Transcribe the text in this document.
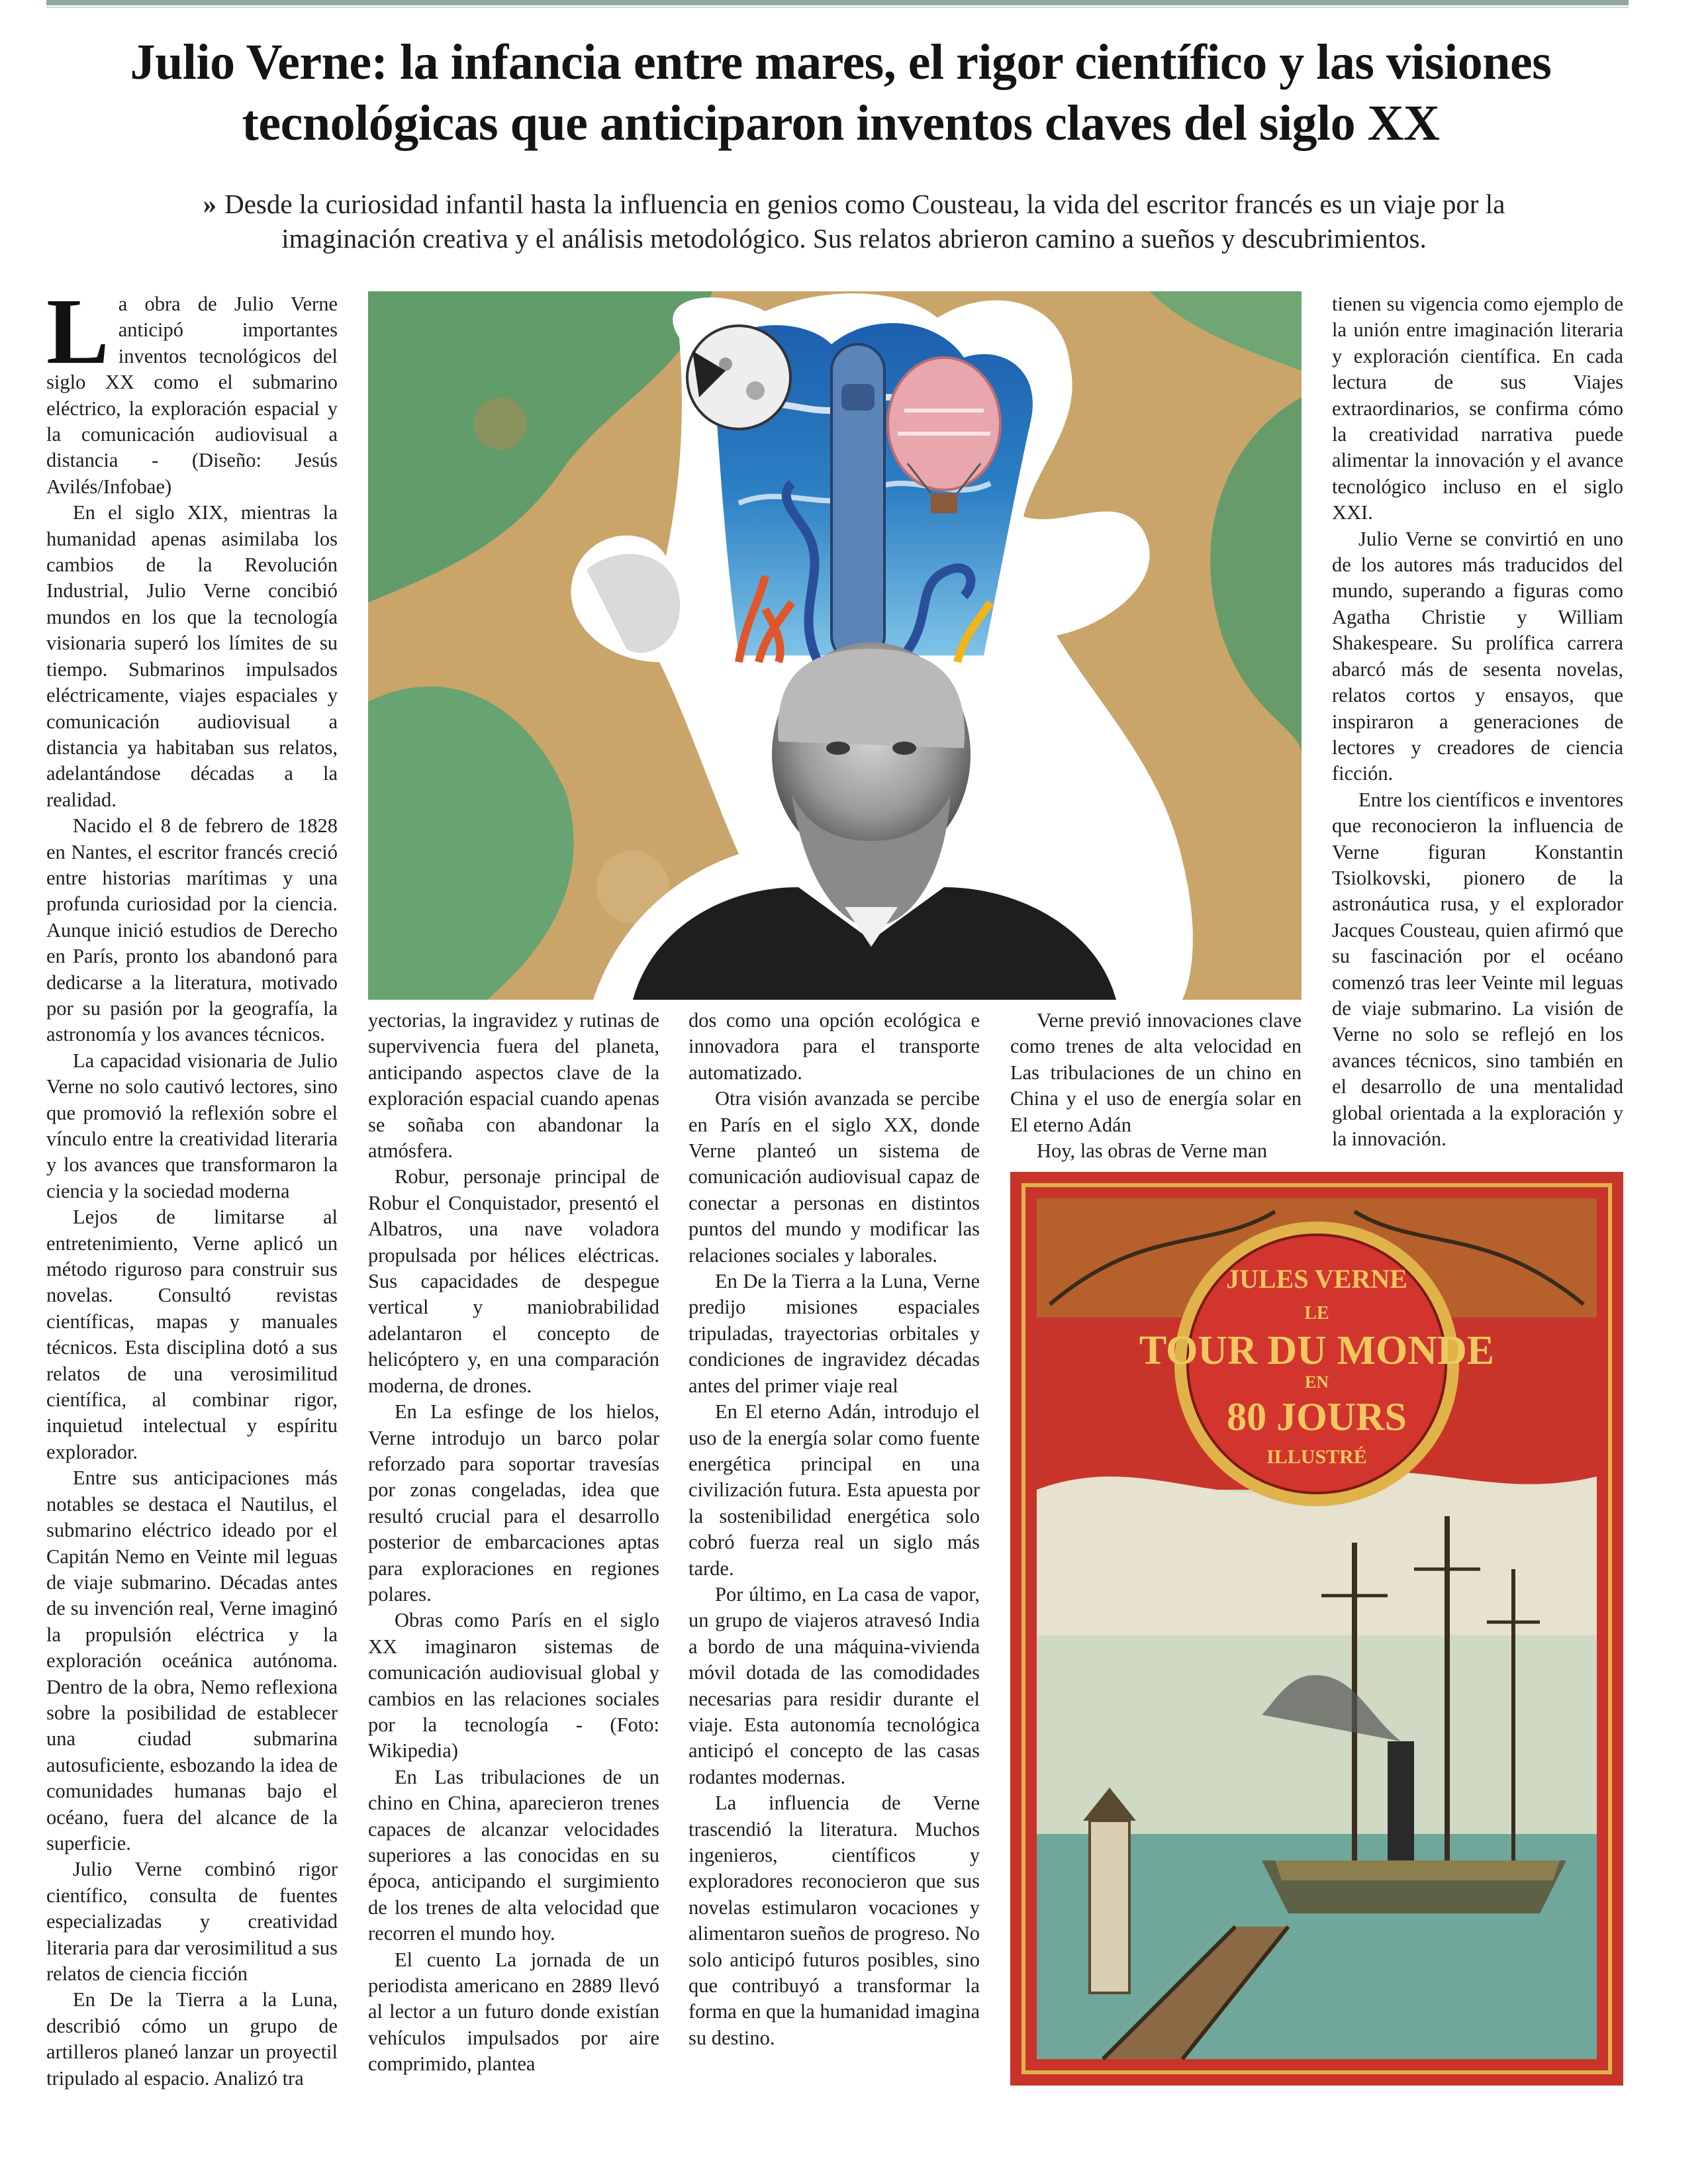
Julio Verne: la infancia entre mares, el rigor científico y las visiones tecnológicas que anticiparon inventos claves del siglo XX
» Desde la curiosidad infantil hasta la influencia en genios como Cousteau, la vida del escritor francés es un viaje por la imaginación creativa y el análisis metodológico. Sus relatos abrieron camino a sueños y descubrimientos.

La obra de Julio Verne anticipó importantes inventos tecnológicos del siglo XX como el submarino eléctrico, la exploración espacial y la comunicación audiovisual a distancia - (Diseño: Jesús Avilés/Infobae)

En el siglo XIX, mientras la humanidad apenas asimilaba los cambios de la Revolución Industrial, Julio Verne concibió mundos en los que la tecnología visionaria superó los límites de su tiempo. Submarinos impulsados eléctricamente, viajes espaciales y comunicación audiovisual a distancia ya habitaban sus relatos, adelantándose décadas a la realidad.

Nacido el 8 de febrero de 1828 en Nantes, el escritor francés creció entre historias marítimas y una profunda curiosidad por la ciencia. Aunque inició estudios de Derecho en París, pronto los abandonó para dedicarse a la literatura, motivado por su pasión por la geografía, la astronomía y los avances técnicos.

La capacidad visionaria de Julio Verne no solo cautivó lectores, sino que promovió la reflexión sobre el vínculo entre la creatividad literaria y los avances que transformaron la ciencia y la sociedad moderna

Lejos de limitarse al entretenimiento, Verne aplicó un método riguroso para construir sus novelas. Consultó revistas científicas, mapas y manuales técnicos. Esta disciplina dotó a sus relatos de una verosimilitud científica, al combinar rigor, inquietud intelectual y espíritu explorador.

Entre sus anticipaciones más notables se destaca el Nautilus, el submarino eléctrico ideado por el Capitán Nemo en Veinte mil leguas de viaje submarino. Décadas antes de su invención real, Verne imaginó la propulsión eléctrica y la exploración oceánica autónoma. Dentro de la obra, Nemo reflexiona sobre la posibilidad de establecer una ciudad submarina autosuficiente, esbozando la idea de comunidades humanas bajo el océano, fuera del alcance de la superficie.

Julio Verne combinó rigor científico, consulta de fuentes especializadas y creatividad literaria para dar verosimilitud a sus relatos de ciencia ficción

En De la Tierra a la Luna, describió cómo un grupo de artilleros planeó lanzar un proyectil tripulado al espacio. Analizó tra

yectorias, la ingravidez y rutinas de supervivencia fuera del planeta, anticipando aspectos clave de la exploración espacial cuando apenas se soñaba con abandonar la atmósfera.

Robur, personaje principal de Robur el Conquistador, presentó el Albatros, una nave voladora propulsada por hélices eléctricas. Sus capacidades de despegue vertical y maniobrabilidad adelantaron el concepto de helicóptero y, en una comparación moderna, de drones.

En La esfinge de los hielos, Verne introdujo un barco polar reforzado para soportar travesías por zonas congeladas, idea que resultó crucial para el desarrollo posterior de embarcaciones aptas para exploraciones en regiones polares.

Obras como París en el siglo XX imaginaron sistemas de comunicación audiovisual global y cambios en las relaciones sociales por la tecnología - (Foto: Wikipedia)

En Las tribulaciones de un chino en China, aparecieron trenes capaces de alcanzar velocidades superiores a las conocidas en su época, anticipando el surgimiento de los trenes de alta velocidad que recorren el mundo hoy.

El cuento La jornada de un periodista americano en 2889 llevó al lector a un futuro donde existían vehículos impulsados por aire comprimido, plantea

dos como una opción ecológica e innovadora para el transporte automatizado.

Otra visión avanzada se percibe en París en el siglo XX, donde Verne planteó un sistema de comunicación audiovisual capaz de conectar a personas en distintos puntos del mundo y modificar las relaciones sociales y laborales.

En De la Tierra a la Luna, Verne predijo misiones espaciales tripuladas, trayectorias orbitales y condiciones de ingravidez décadas antes del primer viaje real

En El eterno Adán, introdujo el uso de la energía solar como fuente energética principal en una civilización futura. Esta apuesta por la sostenibilidad energética solo cobró fuerza real un siglo más tarde.

Por último, en La casa de vapor, un grupo de viajeros atravesó India a bordo de una máquina-vivienda móvil dotada de las comodidades necesarias para residir durante el viaje. Esta autonomía tecnológica anticipó el concepto de las casas rodantes modernas.

La influencia de Verne trascendió la literatura. Muchos ingenieros, científicos y exploradores reconocieron que sus novelas estimularon vocaciones y alimentaron sueños de progreso. No solo anticipó futuros posibles, sino que contribuyó a transformar la forma en que la humanidad imagina su destino.

Verne previó innovaciones clave como trenes de alta velocidad en Las tribulaciones de un chino en China y el uso de energía solar en El eterno Adán

Hoy, las obras de Verne man

JULES VERNE
LE
TOUR DU MONDE
EN
80 JOURS
ILLUSTRÉ

tienen su vigencia como ejemplo de la unión entre imaginación literaria y exploración científica. En cada lectura de sus Viajes extraordinarios, se confirma cómo la creatividad narrativa puede alimentar la innovación y el avance tecnológico incluso en el siglo XXI.

Julio Verne se convirtió en uno de los autores más traducidos del mundo, superando a figuras como Agatha Christie y William Shakespeare. Su prolífica carrera abarcó más de sesenta novelas, relatos cortos y ensayos, que inspiraron a generaciones de lectores y creadores de ciencia ficción.

Entre los científicos e inventores que reconocieron la influencia de Verne figuran Konstantin Tsiolkovski, pionero de la astronáutica rusa, y el explorador Jacques Cousteau, quien afirmó que su fascinación por el océano comenzó tras leer Veinte mil leguas de viaje submarino. La visión de Verne no solo se reflejó en los avances técnicos, sino también en el desarrollo de una mentalidad global orientada a la exploración y la innovación.
